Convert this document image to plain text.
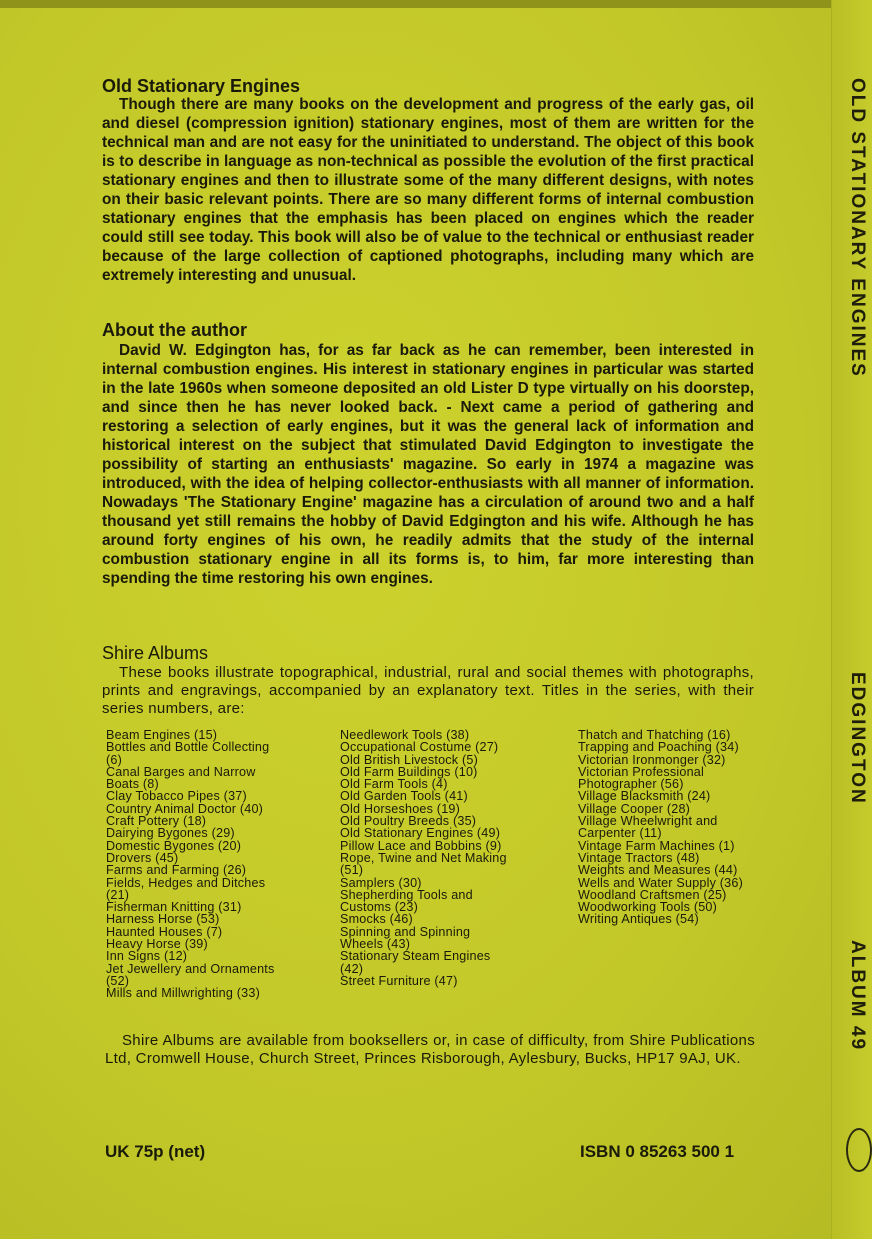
Old Stationary Engines

Though there are many books on the development and progress of the early gas, oil and diesel (compression ignition) stationary engines, most of them are written for the technical man and are not easy for the uninitiated to understand. The object of this book is to describe in language as non-technical as possible the evolution of the first practical stationary engines and then to illustrate some of the many different designs, with notes on their basic relevant points. There are so many different forms of internal combustion stationary engines that the emphasis has been placed on engines which the reader could still see today. This book will also be of value to the technical or enthusiast reader because of the large collection of captioned photographs, including many which are extremely interesting and unusual.

About the author

David W. Edgington has, for as far back as he can remember, been interested in internal combustion engines. His interest in stationary engines in particular was started in the late 1960s when someone deposited an old Lister D type virtually on his doorstep, and since then he has never looked back. - Next came a period of gathering and restoring a selection of early engines, but it was the general lack of information and historical interest on the subject that stimulated David Edgington to investigate the possibility of starting an enthusiasts' magazine. So early in 1974 a magazine was introduced, with the idea of helping collector-enthusiasts with all manner of information. Nowadays 'The Stationary Engine' magazine has a circulation of around two and a half thousand yet still remains the hobby of David Edgington and his wife. Although he has around forty engines of his own, he readily admits that the study of the internal combustion stationary engine in all its forms is, to him, far more interesting than spending the time restoring his own engines.

Shire Albums

These books illustrate topographical, industrial, rural and social themes with photographs, prints and engravings, accompanied by an explanatory text. Titles in the series, with their series numbers, are:

Beam Engines (15)
Bottles and Bottle Collecting (6)
Canal Barges and Narrow Boats (8)
Clay Tobacco Pipes (37)
Country Animal Doctor (40)
Craft Pottery (18)
Dairying Bygones (29)
Domestic Bygones (20)
Drovers (45)
Farms and Farming (26)
Fields, Hedges and Ditches (21)
Fisherman Knitting (31)
Harness Horse (53)
Haunted Houses (7)
Heavy Horse (39)
Inn Signs (12)
Jet Jewellery and Ornaments (52)
Mills and Millwrighting (33)
Needlework Tools (38)
Occupational Costume (27)
Old British Livestock (5)
Old Farm Buildings (10)
Old Farm Tools (4)
Old Garden Tools (41)
Old Horseshoes (19)
Old Poultry Breeds (35)
Old Stationary Engines (49)
Pillow Lace and Bobbins (9)
Rope, Twine and Net Making (51)
Samplers (30)
Shepherding Tools and Customs (23)
Smocks (46)
Spinning and Spinning Wheels (43)
Stationary Steam Engines (42)
Street Furniture (47)
Thatch and Thatching (16)
Trapping and Poaching (34)
Victorian Ironmonger (32)
Victorian Professional Photographer (56)
Village Blacksmith (24)
Village Cooper (28)
Village Wheelwright and Carpenter (11)
Vintage Farm Machines (1)
Vintage Tractors (48)
Weights and Measures (44)
Wells and Water Supply (36)
Woodland Craftsmen (25)
Woodworking Tools (50)
Writing Antiques (54)

Shire Albums are available from booksellers or, in case of difficulty, from Shire Publications Ltd, Cromwell House, Church Street, Princes Risborough, Aylesbury, Bucks, HP17 9AJ, UK.

UK 75p (net)	ISBN 0 85263 500 1
OLD STATIONARY ENGINES
EDGINGTON
ALBUM 49
